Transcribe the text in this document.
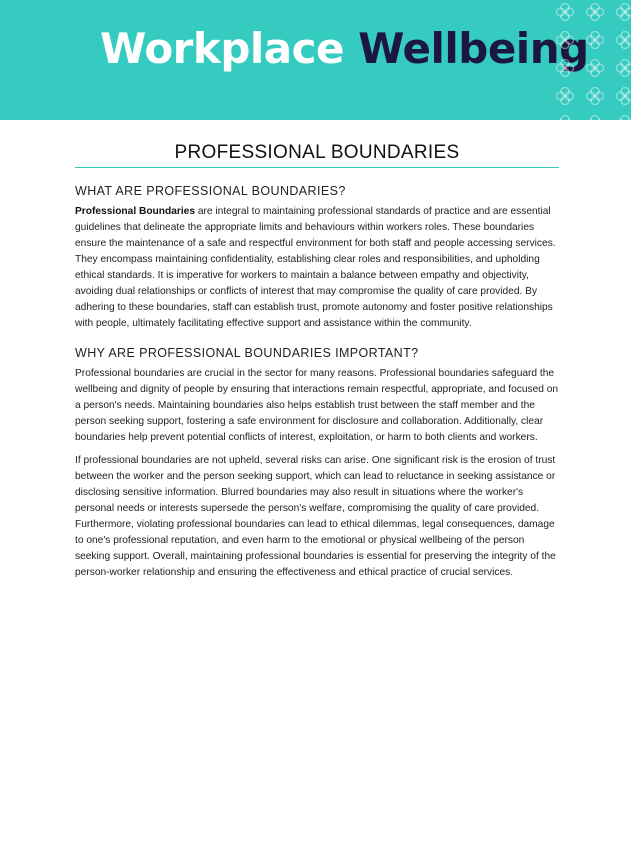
Workplace Wellbeing
PROFESSIONAL BOUNDARIES
WHAT ARE PROFESSIONAL BOUNDARIES?

Professional Boundaries are integral to maintaining professional standards of practice and are essential guidelines that delineate the appropriate limits and behaviours within workers roles. These boundaries ensure the maintenance of a safe and respectful environment for both staff and people accessing services. They encompass maintaining confidentiality, establishing clear roles and responsibilities, and upholding ethical standards. It is imperative for workers to maintain a balance between empathy and objectivity, avoiding dual relationships or conflicts of interest that may compromise the quality of care provided. By adhering to these boundaries, staff can establish trust, promote autonomy and foster positive relationships with people, ultimately facilitating effective support and assistance within the community.

WHY ARE PROFESSIONAL BOUNDARIES IMPORTANT?

Professional boundaries are crucial in the sector for many reasons. Professional boundaries safeguard the wellbeing and dignity of people by ensuring that interactions remain respectful, appropriate, and focused on a person's needs. Maintaining boundaries also helps establish trust between the staff member and the person seeking support, fostering a safe environment for disclosure and collaboration. Additionally, clear boundaries help prevent potential conflicts of interest, exploitation, or harm to both clients and workers.

If professional boundaries are not upheld, several risks can arise. One significant risk is the erosion of trust between the worker and the person seeking support, which can lead to reluctance in seeking assistance or disclosing sensitive information. Blurred boundaries may also result in situations where the worker's personal needs or interests supersede the person's welfare, compromising the quality of care provided. Furthermore, violating professional boundaries can lead to ethical dilemmas, legal consequences, damage to one's professional reputation, and even harm to the emotional or physical wellbeing of the person seeking support. Overall, maintaining professional boundaries is essential for preserving the integrity of the person-worker relationship and ensuring the effectiveness and ethical practice of crucial services.
